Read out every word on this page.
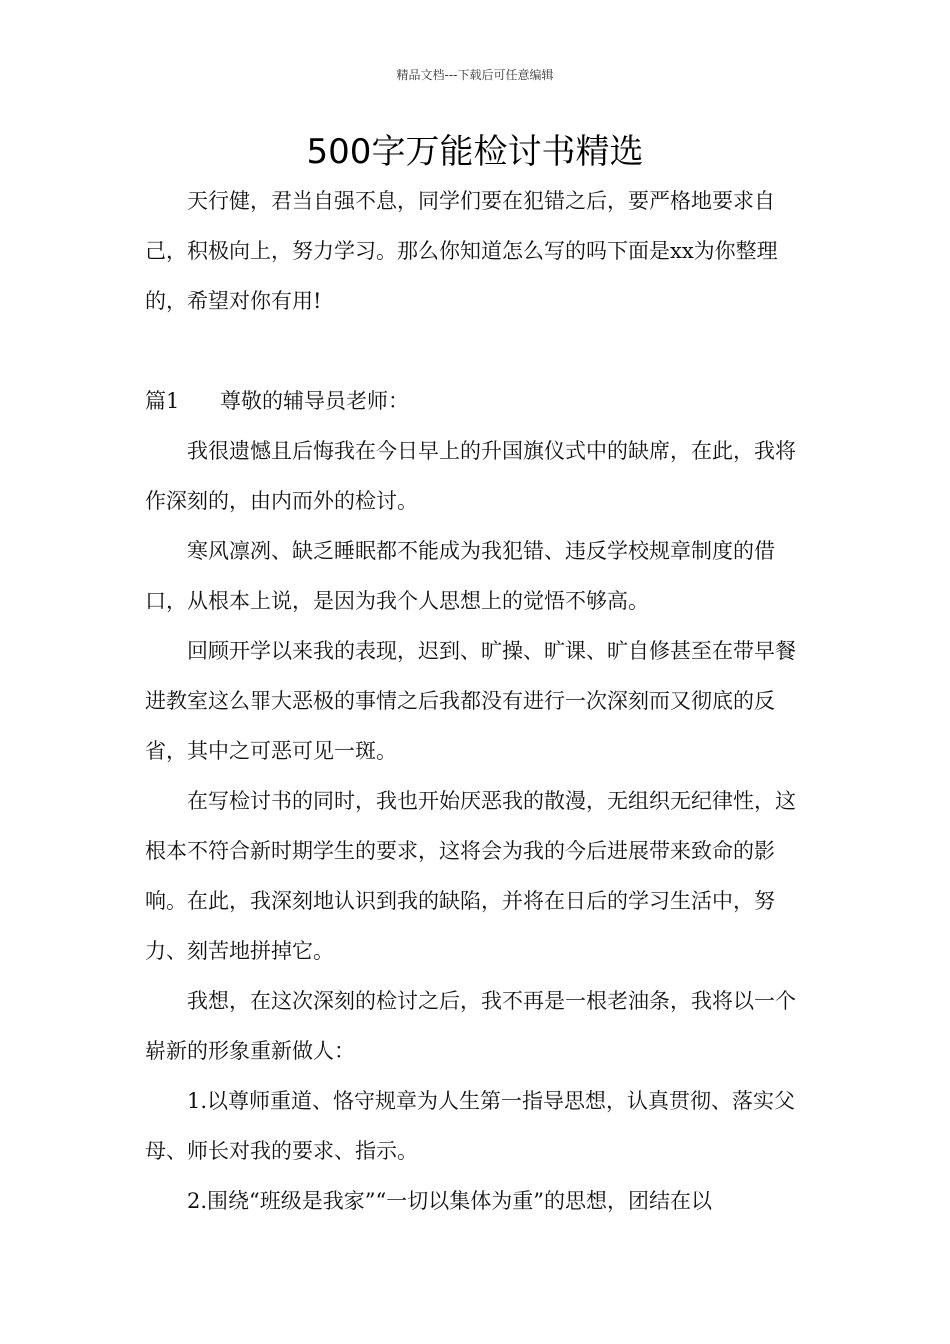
精品文档---下载后可任意编辑
500字万能检讨书精选
天行健，君当自强不息，同学们要在犯错之后，要严格地要求自己，积极向上，努力学习。那么你知道怎么写的吗下面是xx为你整理的，希望对你有用!
篇1 尊敬的辅导员老师：
我很遗憾且后悔我在今日早上的升国旗仪式中的缺席，在此，我将作深刻的，由内而外的检讨。
寒风凛冽、缺乏睡眠都不能成为我犯错、违反学校规章制度的借口，从根本上说，是因为我个人思想上的觉悟不够高。
回顾开学以来我的表现，迟到、旷操、旷课、旷自修甚至在带早餐进教室这么罪大恶极的事情之后我都没有进行一次深刻而又彻底的反省，其中之可恶可见一斑。
在写检讨书的同时，我也开始厌恶我的散漫，无组织无纪律性，这根本不符合新时期学生的要求，这将会为我的今后进展带来致命的影响。在此，我深刻地认识到我的缺陷，并将在日后的学习生活中，努力、刻苦地拼掉它。
我想，在这次深刻的检讨之后，我不再是一根老油条，我将以一个崭新的形象重新做人：
1.以尊师重道、恪守规章为人生第一指导思想，认真贯彻、落实父母、师长对我的要求、指示。
2.围绕“班级是我家”“一切以集体为重”的思想，团结在以
